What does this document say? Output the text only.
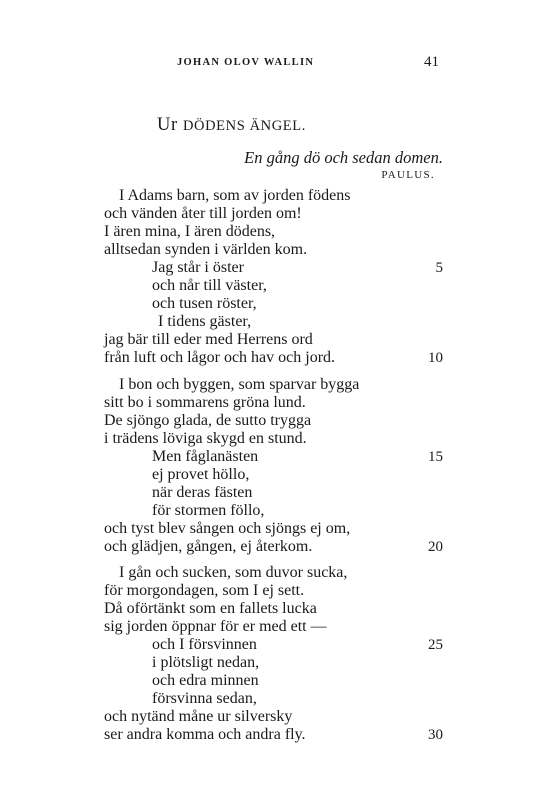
JOHAN OLOV WALLIN	41
Ur DÖDENS ÄNGEL.
En gång dö och sedan domen.
PAULUS.
I Adams barn, som av jorden födens
och vänden åter till jorden om!
I ären mina, I ären dödens,
alltsedan synden i världen kom.
Jag står i öster
och når till väster,
och tusen röster,
I tidens gäster,
jag bär till eder med Herrens ord
från luft och lågor och hav och jord.
I bon och byggen, som sparvar bygga
sitt bo i sommarens gröna lund.
De sjöngo glada, de sutto trygga
i trädens löviga skygd en stund.
Men fåglanästen
ej provet höllo,
när deras fästen
för stormen föllo,
och tyst blev sången och sjöngs ej om,
och glädjen, gången, ej återkom.
I gån och sucken, som duvor sucka,
för morgondagen, som I ej sett.
Då oförtänkt som en fallets lucka
sig jorden öppnar för er med ett —
och I försvinnen
i plötsligt nedan,
och edra minnen
försvinna sedan,
och nytänd måne ur silversky
ser andra komma och andra fly.
5
10
15
20
25
30
